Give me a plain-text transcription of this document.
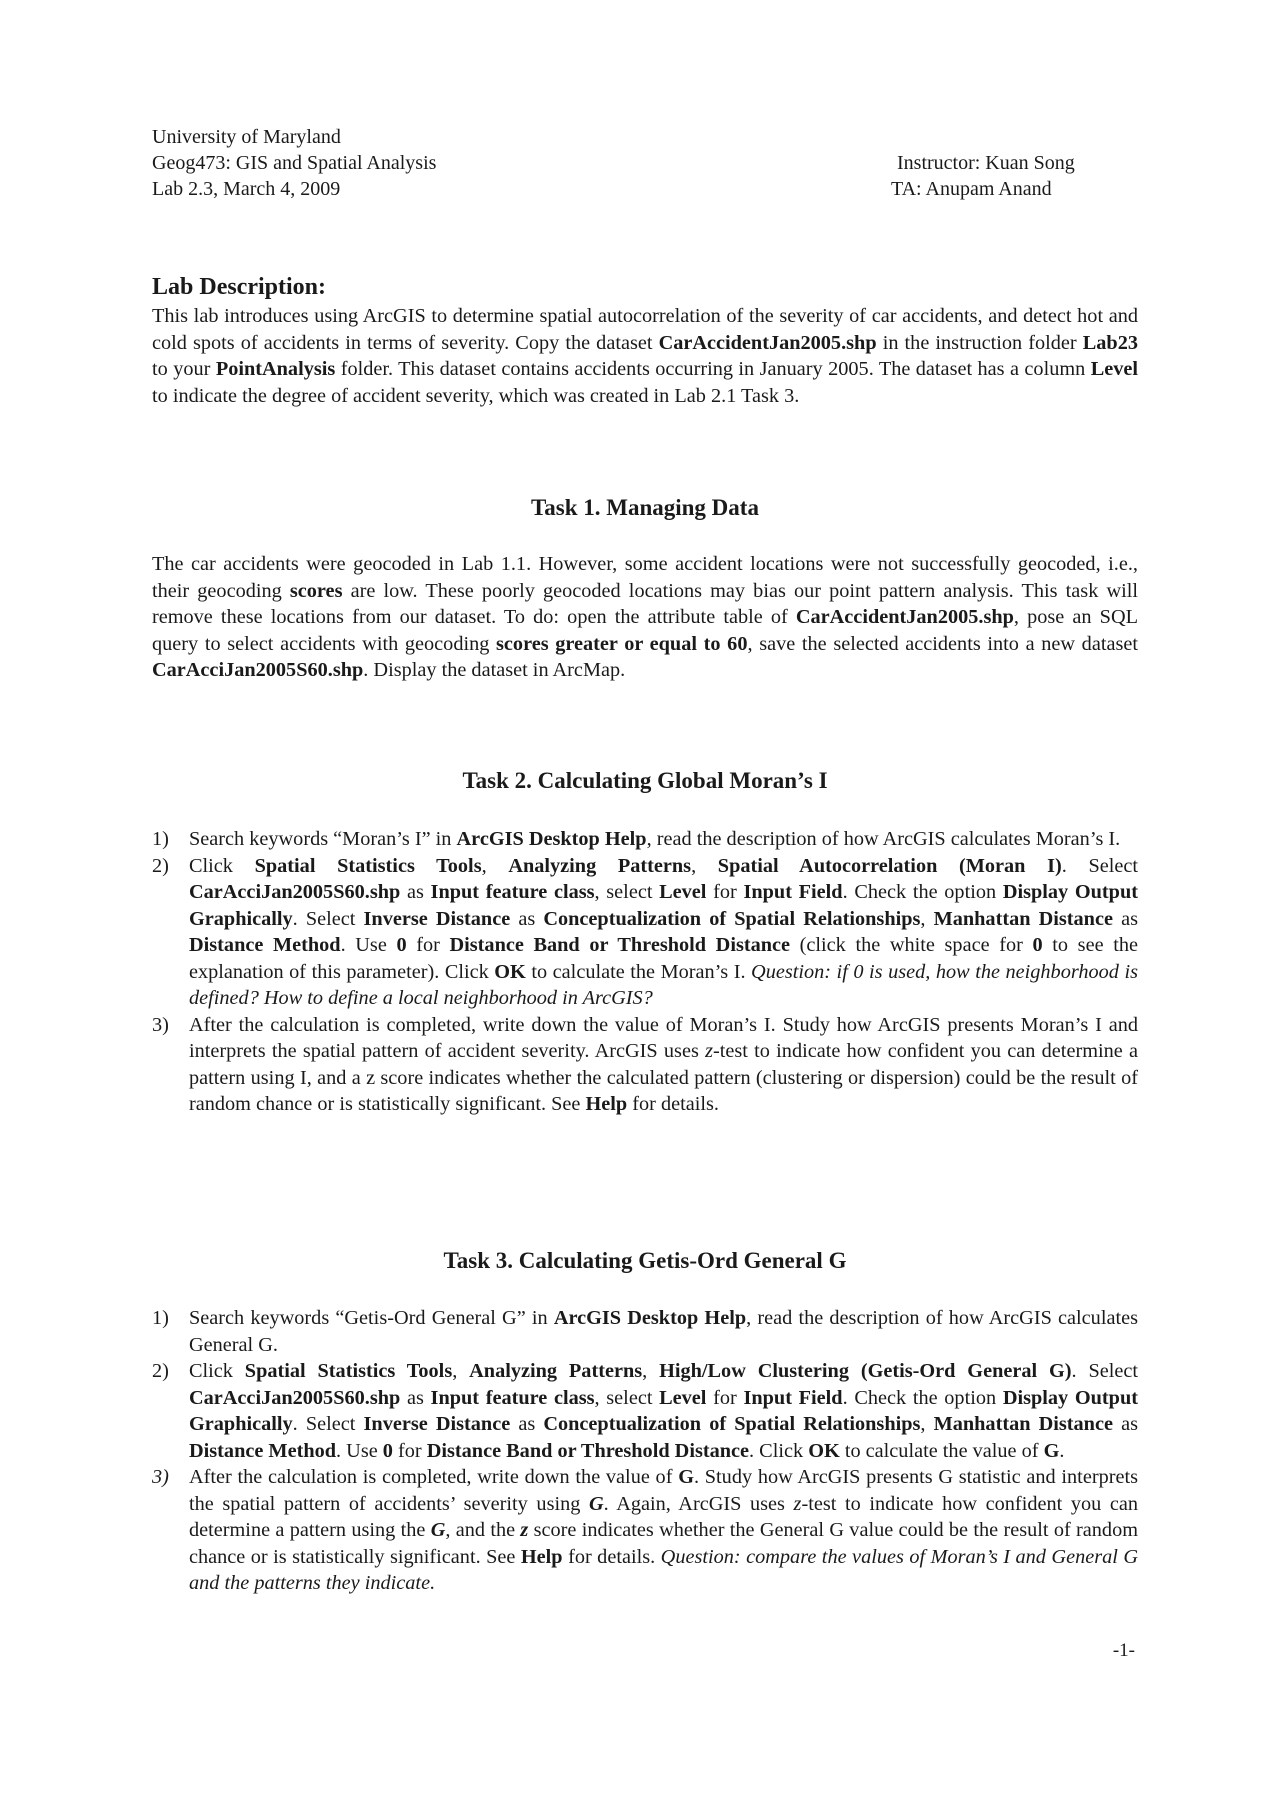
University of Maryland
Geog473: GIS and Spatial Analysis
Lab 2.3, March 4, 2009
Instructor: Kuan Song
TA: Anupam Anand
Lab Description:

This lab introduces using ArcGIS to determine spatial autocorrelation of the severity of car accidents, and detect hot and cold spots of accidents in terms of severity. Copy the dataset CarAccidentJan2005.shp in the instruction folder Lab23 to your PointAnalysis folder. This dataset contains accidents occurring in January 2005. The dataset has a column Level to indicate the degree of accident severity, which was created in Lab 2.1 Task 3.

Task 1. Managing Data

The car accidents were geocoded in Lab 1.1. However, some accident locations were not successfully geocoded, i.e., their geocoding scores are low. These poorly geocoded locations may bias our point pattern analysis. This task will remove these locations from our dataset. To do: open the attribute table of CarAccidentJan2005.shp, pose an SQL query to select accidents with geocoding scores greater or equal to 60, save the selected accidents into a new dataset CarAcciJan2005S60.shp. Display the dataset in ArcMap.

Task 2. Calculating Global Moran’s I
1) Search keywords “Moran’s I” in ArcGIS Desktop Help, read the description of how ArcGIS calculates Moran’s I.
2) Click Spatial Statistics Tools, Analyzing Patterns, Spatial Autocorrelation (Moran I). Select CarAcciJan2005S60.shp as Input feature class, select Level for Input Field. Check the option Display Output Graphically. Select Inverse Distance as Conceptualization of Spatial Relationships, Manhattan Distance as Distance Method. Use 0 for Distance Band or Threshold Distance (click the white space for 0 to see the explanation of this parameter). Click OK to calculate the Moran’s I. Question: if 0 is used, how the neighborhood is defined? How to define a local neighborhood in ArcGIS?
3) After the calculation is completed, write down the value of Moran’s I. Study how ArcGIS presents Moran’s I and interprets the spatial pattern of accident severity. ArcGIS uses z-test to indicate how confident you can determine a pattern using I, and a z score indicates whether the calculated pattern (clustering or dispersion) could be the result of random chance or is statistically significant. See Help for details.
Task 3. Calculating Getis-Ord General G
1) Search keywords “Getis-Ord General G” in ArcGIS Desktop Help, read the description of how ArcGIS calculates General G.
2) Click Spatial Statistics Tools, Analyzing Patterns, High/Low Clustering (Getis-Ord General G). Select CarAcciJan2005S60.shp as Input feature class, select Level for Input Field. Check the option Display Output Graphically. Select Inverse Distance as Conceptualization of Spatial Relationships, Manhattan Distance as Distance Method. Use 0 for Distance Band or Threshold Distance. Click OK to calculate the value of G.
3) After the calculation is completed, write down the value of G. Study how ArcGIS presents G statistic and interprets the spatial pattern of accidents’ severity using G. Again, ArcGIS uses z-test to indicate how confident you can determine a pattern using the G, and the z score indicates whether the General G value could be the result of random chance or is statistically significant. See Help for details. Question: compare the values of Moran’s I and General G and the patterns they indicate.
-1-
